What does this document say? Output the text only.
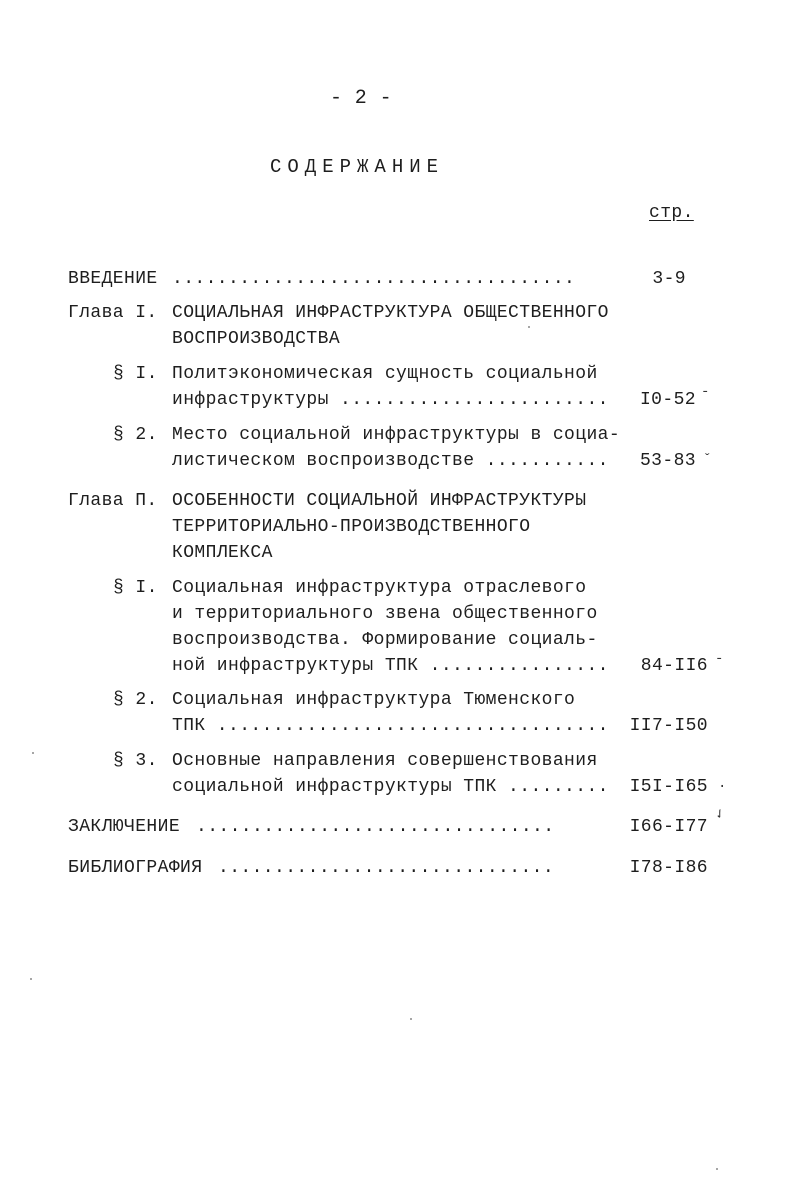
- 2 -
СОДЕРЖАНИЕ
стр.
ВВЕДЕНИЕ ....................................	3-9
Глава I. СОЦИАЛЬНАЯ ИНФРАСТРУКТУРА ОБЩЕСТВЕННОГО
ВОСПРОИЗВОДСТВА
§ I. Политэкономическая сущность социальной
инфраструктуры ........................	I0-52 -
§ 2. Место социальной инфраструктуры в социа-
листическом воспроизводстве ...........	53-83 ˇ
Глава П. ОСОБЕННОСТИ СОЦИАЛЬНОЙ ИНФРАСТРУКТУРЫ
ТЕРРИТОРИАЛЬНО-ПРОИЗВОДСТВЕННОГО
КОМПЛЕКСА
§ I. Социальная инфраструктура отраслевого
и территориального звена общественного
воспроизводства. Формирование социаль-
ной инфраструктуры ТПК ................	84-II6 -
§ 2. Социальная инфраструктура Тюменского
ТПК ...................................	II7-I50
§ 3. Основные направления совершенствования
социальной инфраструктуры ТПК .........	I5I-I65 .
ЗАКЛЮЧЕНИЕ ................................	I66-I77
✓
БИБЛИОГРАФИЯ ..............................	I78-I86
